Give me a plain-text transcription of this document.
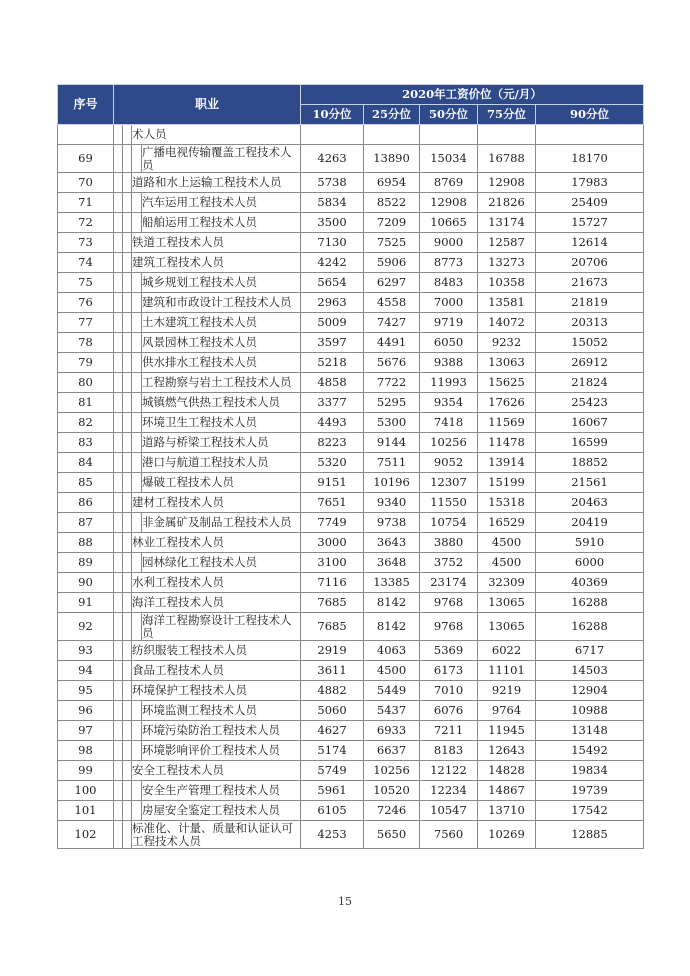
序号	职业				2020年工资价位（元/月）				
					10分位	25分位	50分位	75分位	90分位
			术人员						
69				广播电视传输覆盖工程技术人员	4263	13890	15034	16788	18170
70			道路和水上运输工程技术人员		5738	6954	8769	12908	17983
71				汽车运用工程技术人员	5834	8522	12908	21826	25409
72				船舶运用工程技术人员	3500	7209	10665	13174	15727
73			铁道工程技术人员		7130	7525	9000	12587	12614
74			建筑工程技术人员		4242	5906	8773	13273	20706
75				城乡规划工程技术人员	5654	6297	8483	10358	21673
76				建筑和市政设计工程技术人员	2963	4558	7000	13581	21819
77				土木建筑工程技术人员	5009	7427	9719	14072	20313
78				风景园林工程技术人员	3597	4491	6050	9232	15052
79				供水排水工程技术人员	5218	5676	9388	13063	26912
80				工程勘察与岩土工程技术人员	4858	7722	11993	15625	21824
81				城镇燃气供热工程技术人员	3377	5295	9354	17626	25423
82				环境卫生工程技术人员	4493	5300	7418	11569	16067
83				道路与桥梁工程技术人员	8223	9144	10256	11478	16599
84				港口与航道工程技术人员	5320	7511	9052	13914	18852
85				爆破工程技术人员	9151	10196	12307	15199	21561
86			建材工程技术人员		7651	9340	11550	15318	20463
87				非金属矿及制品工程技术人员	7749	9738	10754	16529	20419
88			林业工程技术人员		3000	3643	3880	4500	5910
89				园林绿化工程技术人员	3100	3648	3752	4500	6000
90			水利工程技术人员		7116	13385	23174	32309	40369
91			海洋工程技术人员		7685	8142	9768	13065	16288
92				海洋工程勘察设计工程技术人员	7685	8142	9768	13065	16288
93			纺织服装工程技术人员		2919	4063	5369	6022	6717
94			食品工程技术人员		3611	4500	6173	11101	14503
95			环境保护工程技术人员		4882	5449	7010	9219	12904
96				环境监测工程技术人员	5060	5437	6076	9764	10988
97				环境污染防治工程技术人员	4627	6933	7211	11945	13148
98				环境影响评价工程技术人员	5174	6637	8183	12643	15492
99			安全工程技术人员		5749	10256	12122	14828	19834
100				安全生产管理工程技术人员	5961	10520	12234	14867	19739
101				房屋安全鉴定工程技术人员	6105	7246	10547	13710	17542
102			标准化、计量、质量和认证认可工程技术人员		4253	5650	7560	10269	12885
15
